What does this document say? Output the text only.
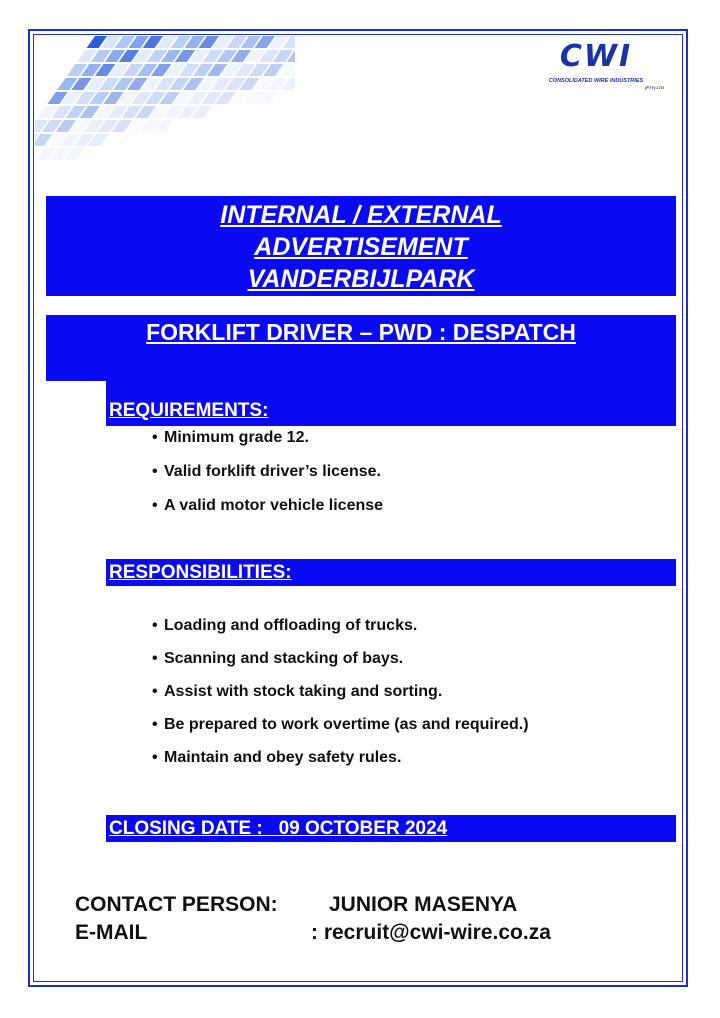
CWI
CONSOLIDATED WIRE INDUSTRIES
(PTY) LTD
INTERNAL / EXTERNAL
ADVERTISEMENT
VANDERBIJLPARK
FORKLIFT DRIVER – PWD : DESPATCH
REQUIREMENTS:
• Minimum grade 12.
• Valid forklift driver’s license.
• A valid motor vehicle license
RESPONSIBILITIES:
• Loading and offloading of trucks.
• Scanning and stacking of bays.
• Assist with stock taking and sorting.
• Be prepared to work overtime (as and required.)
• Maintain and obey safety rules.
CLOSING DATE :   09 OCTOBER 2024
CONTACT PERSON: JUNIOR MASENYA
E-MAIL	: recruit@cwi-wire.co.za
